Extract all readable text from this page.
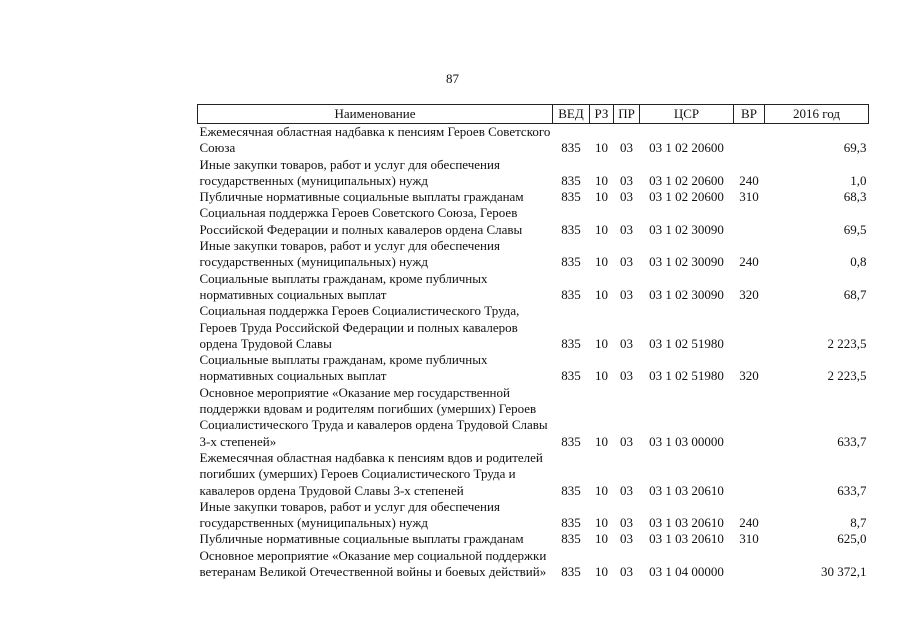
87
Наименование	ВЕД	РЗ	ПР	ЦСР	ВР	2016 год
Ежемесячная областная надбавка к пенсиям Героев Советского Союза	835	10	03	03 1 02 20600		69,3
Иные закупки товаров, работ и услуг для обеспечения государственных (муниципальных) нужд	835	10	03	03 1 02 20600	240	1,0
Публичные нормативные социальные выплаты гражданам	835	10	03	03 1 02 20600	310	68,3
Социальная поддержка Героев Советского Союза, Героев Российской Федерации и полных кавалеров ордена Славы	835	10	03	03 1 02 30090		69,5
Иные закупки товаров, работ и услуг для обеспечения государственных (муниципальных) нужд	835	10	03	03 1 02 30090	240	0,8
Социальные выплаты гражданам, кроме публичных нормативных социальных выплат	835	10	03	03 1 02 30090	320	68,7
Социальная поддержка Героев Социалистического Труда, Героев Труда Российской Федерации и полных кавалеров ордена Трудовой Славы	835	10	03	03 1 02 51980		2 223,5
Социальные выплаты гражданам, кроме публичных нормативных социальных выплат	835	10	03	03 1 02 51980	320	2 223,5
Основное мероприятие «Оказание мер государственной поддержки вдовам и родителям погибших (умерших) Героев Социалистического Труда и кавалеров ордена Трудовой Славы 3-х степеней»	835	10	03	03 1 03 00000		633,7
Ежемесячная областная надбавка к пенсиям вдов и родителей погибших (умерших) Героев Социалистического Труда и кавалеров ордена Трудовой Славы 3-х степеней	835	10	03	03 1 03 20610		633,7
Иные закупки товаров, работ и услуг для обеспечения государственных (муниципальных) нужд	835	10	03	03 1 03 20610	240	8,7
Публичные нормативные социальные выплаты гражданам	835	10	03	03 1 03 20610	310	625,0
Основное мероприятие «Оказание мер социальной поддержки ветеранам Великой Отечественной войны и боевых действий»	835	10	03	03 1 04 00000		30 372,1
